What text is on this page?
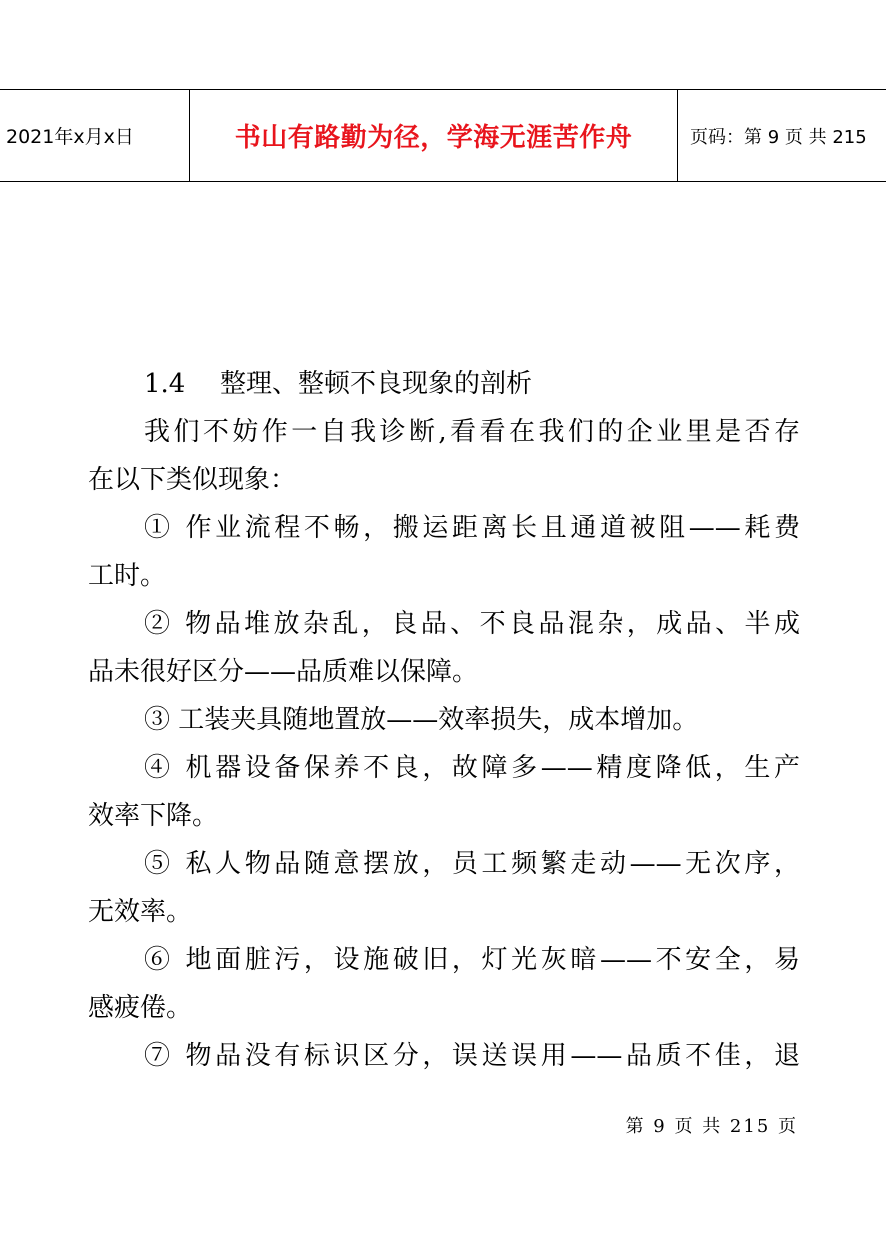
2021年x月x日	书山有路勤为径，学海无涯苦作舟	页码：第 9 页 共 215
1.4 整理、整顿不良现象的剖析
我们不妨作一自我诊断,看看在我们的企业里是否存
在以下类似现象：
① 作业流程不畅，搬运距离长且通道被阻——耗费
工时。
② 物品堆放杂乱，良品、不良品混杂，成品、半成
品未很好区分——品质难以保障。
③ 工装夹具随地置放——效率损失，成本增加。
④ 机器设备保养不良，故障多——精度降低，生产
效率下降。
⑤ 私人物品随意摆放，员工频繁走动——无次序，
无效率。
⑥ 地面脏污，设施破旧，灯光灰暗——不安全，易
感疲倦。
⑦ 物品没有标识区分，误送误用——品质不佳，退
第 9 页 共 215 页
